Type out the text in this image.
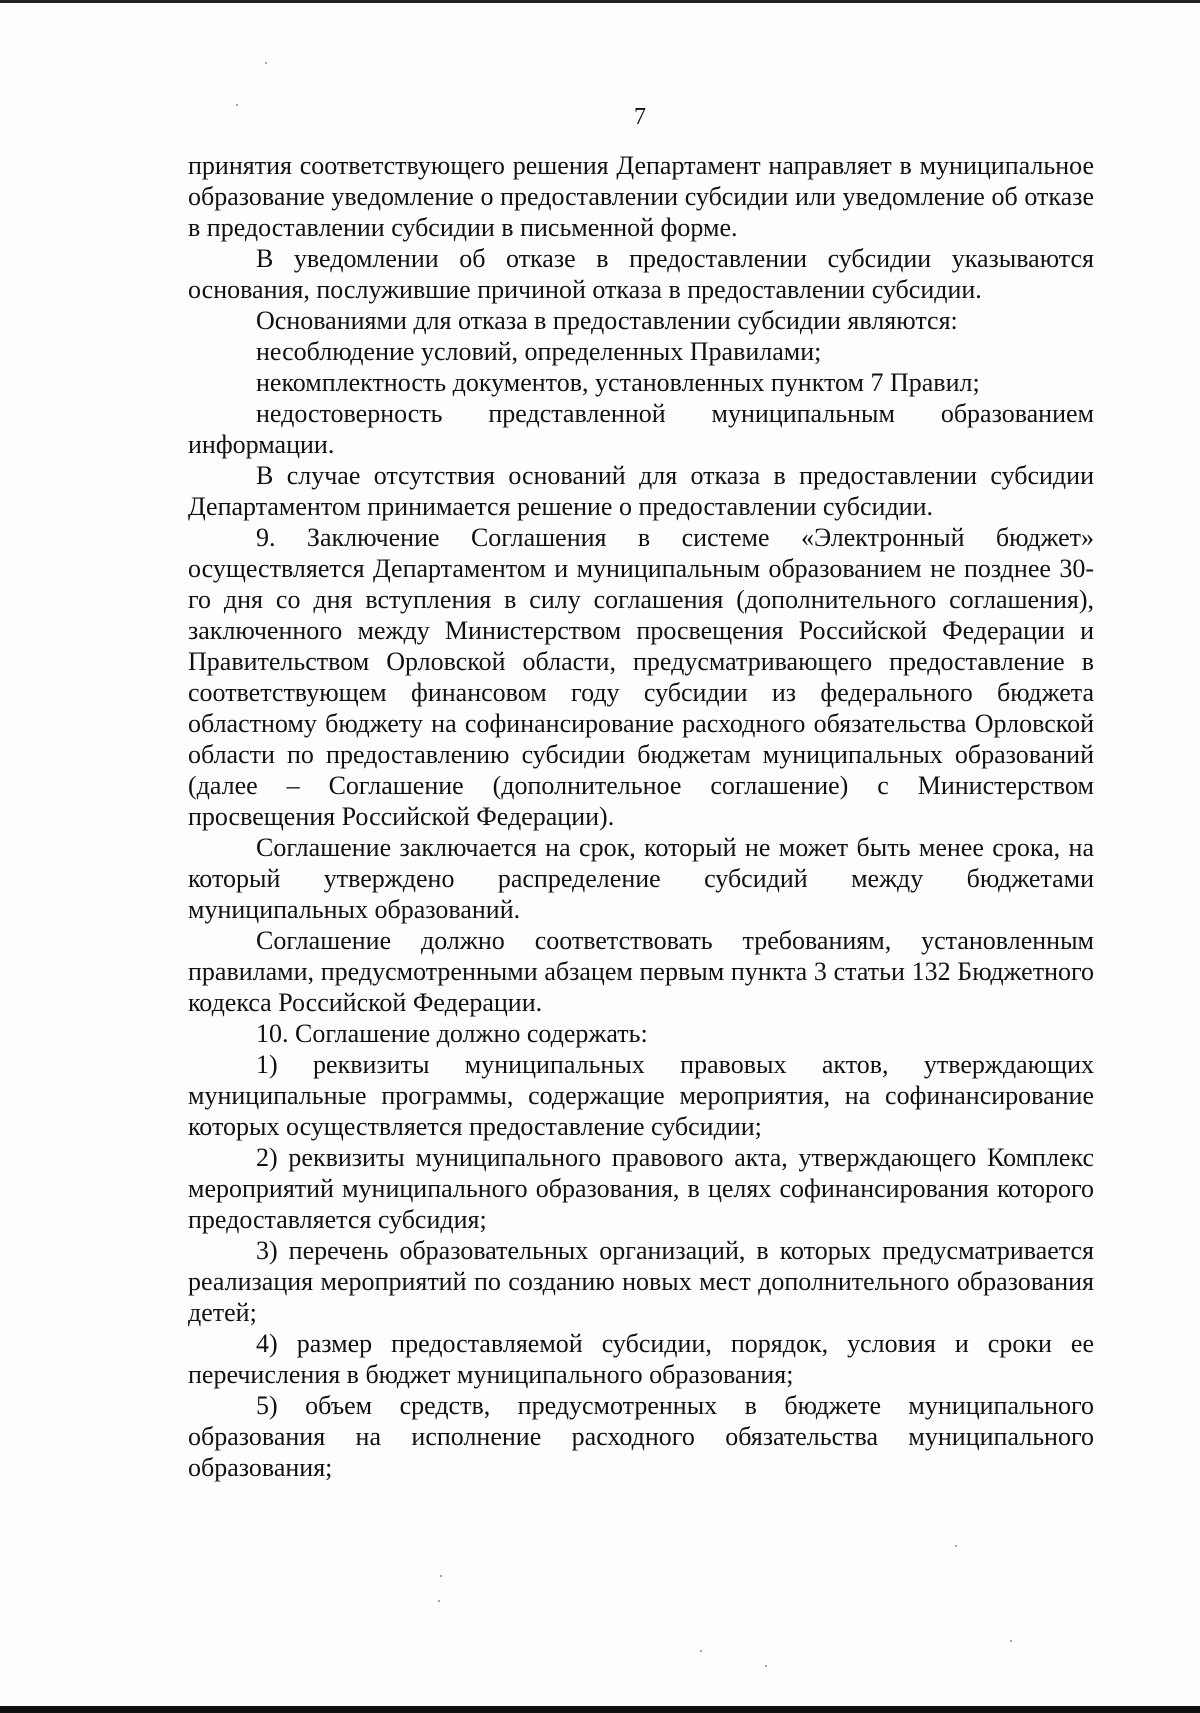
7

принятия соответствующего решения Департамент направляет в муниципальное образование уведомление о предоставлении субсидии или уведомление об отказе в предоставлении субсидии в письменной форме.

В уведомлении об отказе в предоставлении субсидии указываются основания, послужившие причиной отказа в предоставлении субсидии.

Основаниями для отказа в предоставлении субсидии являются:

несоблюдение условий, определенных Правилами;

некомплектность документов, установленных пунктом 7 Правил;

недостоверность представленной муниципальным образованием информации.

В случае отсутствия оснований для отказа в предоставлении субсидии Департаментом принимается решение о предоставлении субсидии.

9. Заключение Соглашения в системе «Электронный бюджет» осуществляется Департаментом и муниципальным образованием не позднее 30-го дня со дня вступления в силу соглашения (дополнительного соглашения), заключенного между Министерством просвещения Российской Федерации и Правительством Орловской области, предусматривающего предоставление в соответствующем финансовом году субсидии из федерального бюджета областному бюджету на софинансирование расходного обязательства Орловской области по предоставлению субсидии бюджетам муниципальных образований (далее – Соглашение (дополнительное соглашение) с Министерством просвещения Российской Федерации).

Соглашение заключается на срок, который не может быть менее срока, на который утверждено распределение субсидий между бюджетами муниципальных образований.

Соглашение должно соответствовать требованиям, установленным правилами, предусмотренными абзацем первым пункта 3 статьи 132 Бюджетного кодекса Российской Федерации.

10. Соглашение должно содержать:

1) реквизиты муниципальных правовых актов, утверждающих муниципальные программы, содержащие мероприятия, на софинансирование которых осуществляется предоставление субсидии;

2) реквизиты муниципального правового акта, утверждающего Комплекс мероприятий муниципального образования, в целях софинансирования которого предоставляется субсидия;

3) перечень образовательных организаций, в которых предусматривается реализация мероприятий по созданию новых мест дополнительного образования детей;

4) размер предоставляемой субсидии, порядок, условия и сроки ее перечисления в бюджет муниципального образования;

5) объем средств, предусмотренных в бюджете муниципального образования на исполнение расходного обязательства муниципального образования;
